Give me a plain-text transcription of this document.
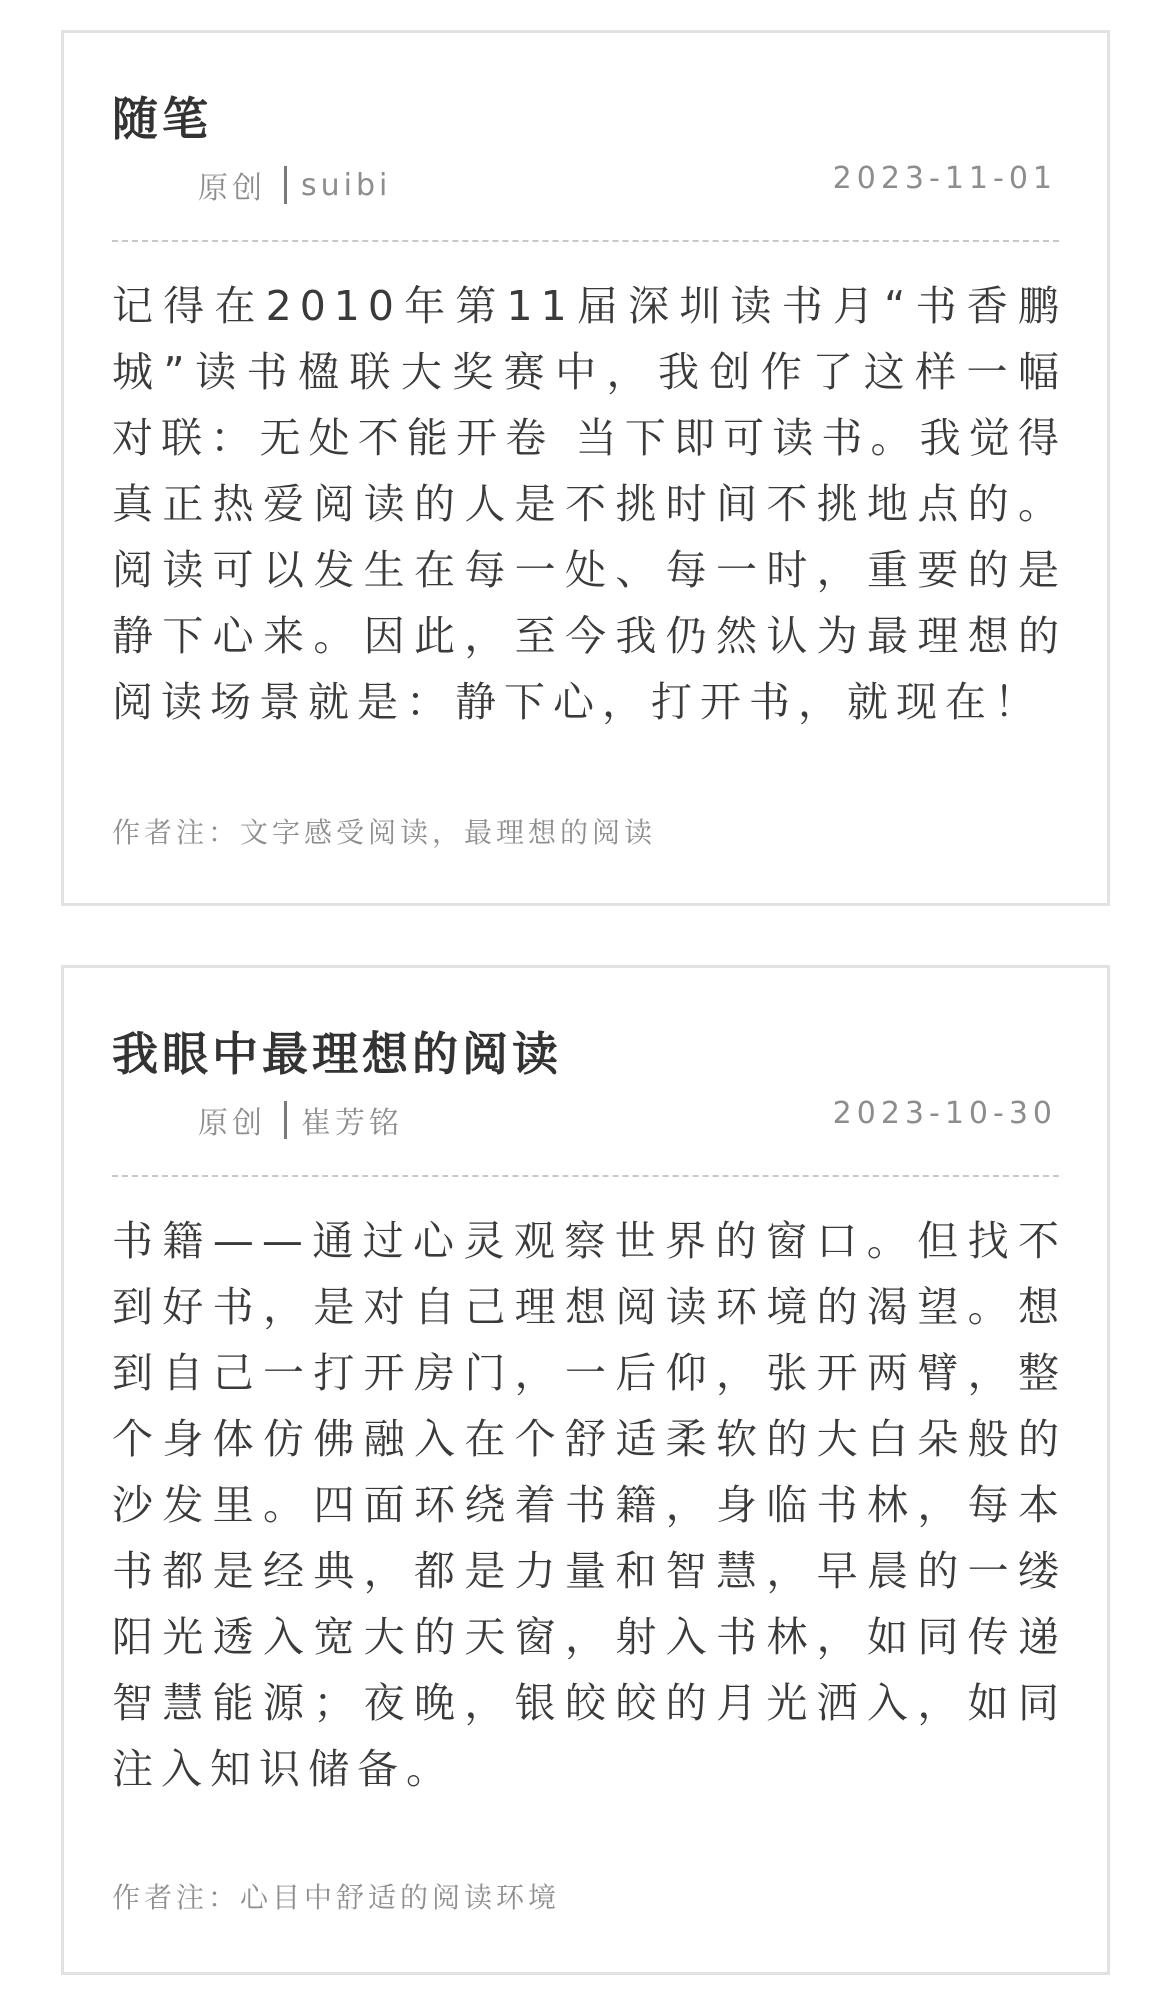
随笔
原创 suibi	2023-11-01
记得在2010年第11届深圳读书月“书香鹏城”读书楹联大奖赛中，我创作了这样一幅对联：无处不能开卷 当下即可读书。我觉得真正热爱阅读的人是不挑时间不挑地点的。阅读可以发生在每一处、每一时，重要的是静下心来。因此，至今我仍然认为最理想的阅读场景就是：静下心，打开书，就现在！
作者注：文字感受阅读，最理想的阅读
我眼中最理想的阅读
原创 崔芳铭	2023-10-30
书籍——通过心灵观察世界的窗口。但找不到好书，是对自己理想阅读环境的渴望。想到自己一打开房门，一后仰，张开两臂，整个身体仿佛融入在个舒适柔软的大白朵般的沙发里。四面环绕着书籍，身临书林，每本书都是经典，都是力量和智慧，早晨的一缕阳光透入宽大的天窗，射入书林，如同传递智慧能源；夜晚，银皎皎的月光洒入，如同注入知识储备。
作者注：心目中舒适的阅读环境
